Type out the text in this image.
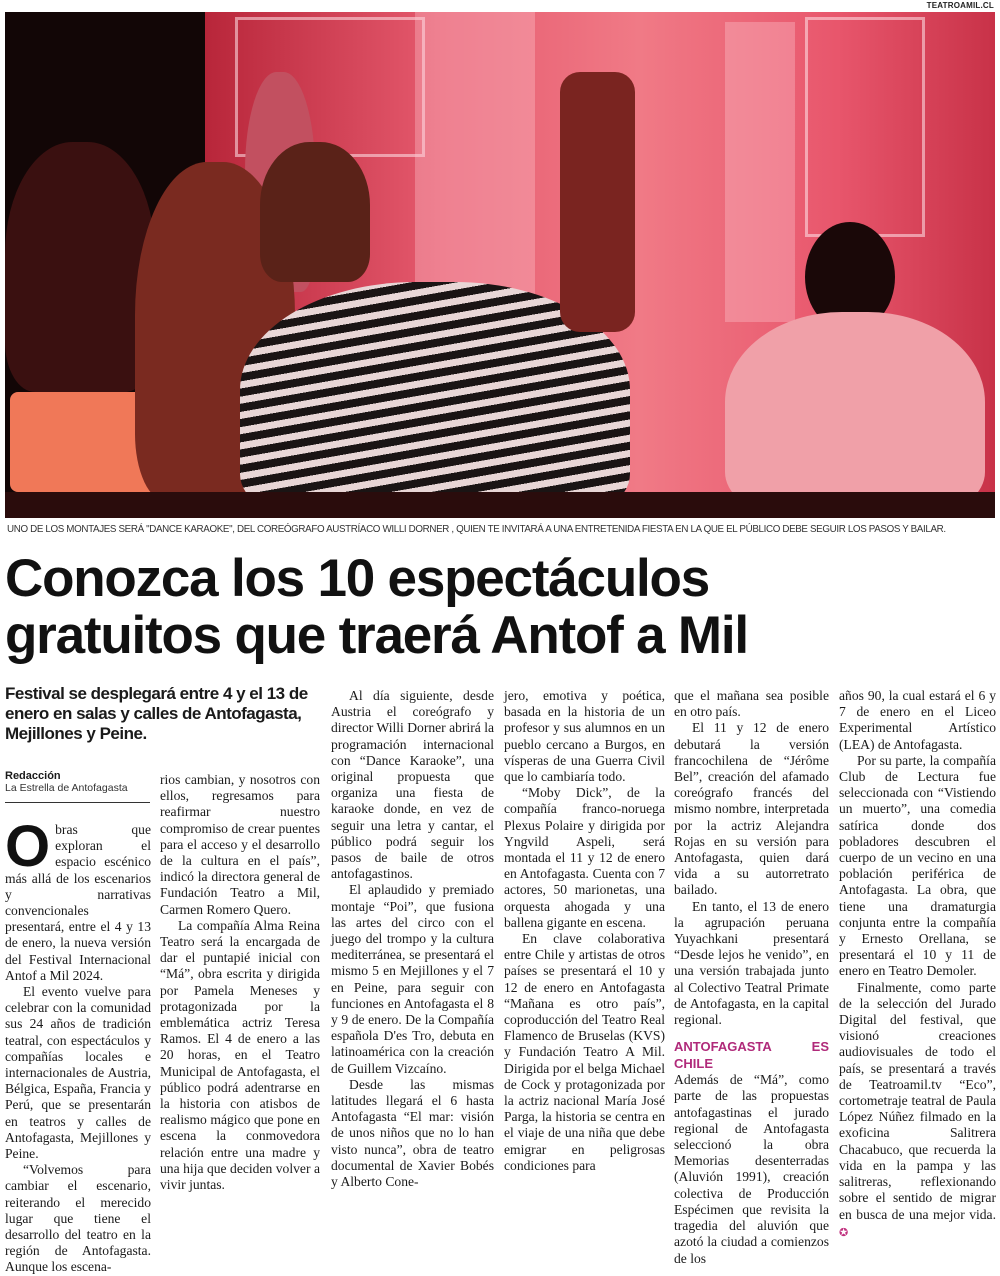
TEATROAMIL.CL
UNO DE LOS MONTAJES SERÁ "DANCE KARAOKE", DEL COREÓGRAFO AUSTRÍACO WILLI DORNER , QUIEN TE INVITARÁ A UNA ENTRETENIDA FIESTA EN LA QUE EL PÚBLICO DEBE SEGUIR LOS PASOS Y BAILAR.
Conozca los 10 espectáculos
gratuitos que traerá Antof a Mil
Festival se desplegará entre 4 y el 13 de enero en salas y calles de Antofagasta, Mejillones y Peine.
Redacción
La Estrella de Antofagasta

Obras que exploran el espacio escénico más allá de los escenarios y narrativas convencionales presentará, entre el 4 y 13 de enero, la nueva versión del Festival Internacional Antof a Mil 2024.

El evento vuelve para celebrar con la comunidad sus 24 años de tradición teatral, con espectáculos y compañías locales e internacionales de Austria, Bélgica, España, Francia y Perú, que se presentarán en teatros y calles de Antofagasta, Mejillones y Peine.

“Volvemos para cambiar el escenario, reiterando el merecido lugar que tiene el desarrollo del teatro en la región de Antofagasta. Aunque los escena-

rios cambian, y nosotros con ellos, regresamos para reafirmar nuestro compromiso de crear puentes para el acceso y el desarrollo de la cultura en el país”, indicó la directora general de Fundación Teatro a Mil, Carmen Romero Quero.

La compañía Alma Reina Teatro será la encargada de dar el puntapié inicial con “Má”, obra escrita y dirigida por Pamela Meneses y protagonizada por la emblemática actriz Teresa Ramos. El 4 de enero a las 20 horas, en el Teatro Municipal de Antofagasta, el público podrá adentrarse en la historia con atisbos de realismo mágico que pone en escena la conmovedora relación entre una madre y una hija que deciden volver a vivir juntas.

Al día siguiente, desde Austria el coreógrafo y director Willi Dorner abrirá la programación internacional con “Dance Karaoke”, una original propuesta que organiza una fiesta de karaoke donde, en vez de seguir una letra y cantar, el público podrá seguir los pasos de baile de otros antofagastinos.

El aplaudido y premiado montaje “Poi”, que fusiona las artes del circo con el juego del trompo y la cultura mediterránea, se presentará el mismo 5 en Mejillones y el 7 en Peine, para seguir con funciones en Antofagasta el 8 y 9 de enero. De la Compañía española D'es Tro, debuta en latinoamérica con la creación de Guillem Vizcaíno.

Desde las mismas latitudes llegará el 6 hasta Antofagasta “El mar: visión de unos niños que no lo han visto nunca”, obra de teatro documental de Xavier Bobés y Alberto Cone-

jero, emotiva y poética, basada en la historia de un profesor y sus alumnos en un pueblo cercano a Burgos, en vísperas de una Guerra Civil que lo cambiaría todo.

“Moby Dick”, de la compañía franco-noruega Plexus Polaire y dirigida por Yngvild Aspeli, será montada el 11 y 12 de enero en Antofagasta. Cuenta con 7 actores, 50 marionetas, una orquesta ahogada y una ballena gigante en escena.

En clave colaborativa entre Chile y artistas de otros países se presentará el 10 y 12 de enero en Antofagasta “Mañana es otro país”, coproducción del Teatro Real Flamenco de Bruselas (KVS) y Fundación Teatro A Mil. Dirigida por el belga Michael de Cock y protagonizada por la actriz nacional María José Parga, la historia se centra en el viaje de una niña que debe emigrar en peligrosas condiciones para

que el mañana sea posible en otro país.

El 11 y 12 de enero debutará la versión francochilena de “Jérôme Bel”, creación del afamado coreógrafo francés del mismo nombre, interpretada por la actriz Alejandra Rojas en su versión para Antofagasta, quien dará vida a su autorretrato bailado.

En tanto, el 13 de enero la agrupación peruana Yuyachkani presentará “Desde lejos he venido”, en una versión trabajada junto al Colectivo Teatral Primate de Antofagasta, en la capital regional.

ANTOFAGASTA ES CHILE

Además de “Má”, como parte de las propuestas antofagastinas el jurado regional de Antofagasta seleccionó la obra Memorias desenterradas (Aluvión 1991), creación colectiva de Producción Espécimen que revisita la tragedia del aluvión que azotó la ciudad a comienzos de los

años 90, la cual estará el 6 y 7 de enero en el Liceo Experimental Artístico (LEA) de Antofagasta.

Por su parte, la compañía Club de Lectura fue seleccionada con “Vistiendo un muerto”, una comedia satírica donde dos pobladores descubren el cuerpo de un vecino en una población periférica de Antofagasta. La obra, que tiene una dramaturgia conjunta entre la compañía y Ernesto Orellana, se presentará el 10 y 11 de enero en Teatro Demoler.

Finalmente, como parte de la selección del Jurado Digital del festival, que visionó creaciones audiovisuales de todo el país, se presentará a través de Teatroamil.tv “Eco”, cortometraje teatral de Paula López Núñez filmado en la exoficina Salitrera Chacabuco, que recuerda la vida en la pampa y las salitreras, reflexionando sobre el sentido de migrar en busca de una mejor vida. ✪
